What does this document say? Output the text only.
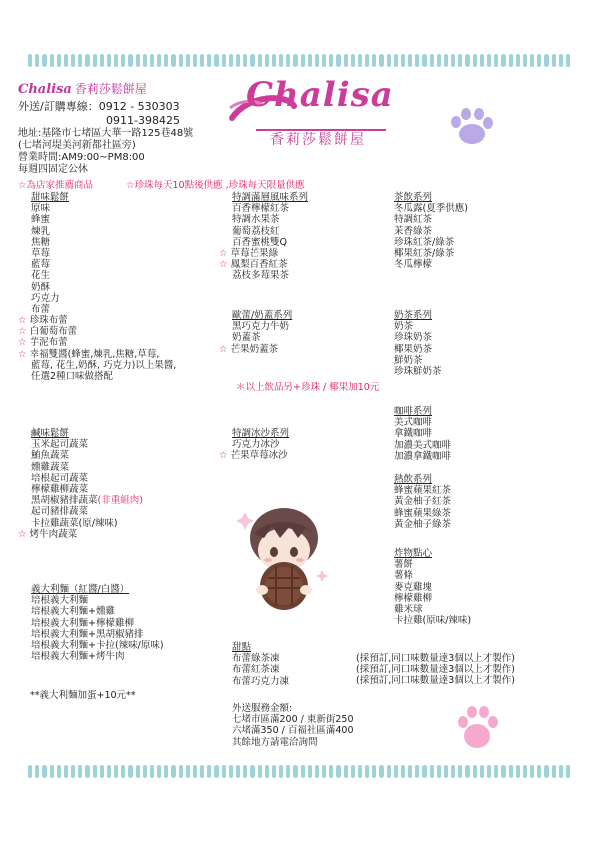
Chalisa 香莉莎鬆餅屋
外送/訂購專線：0912 - 530303
0911-398425
地址:基隆市七堵區大華一路125巷48號
(七堵河堤美河新都社區旁)
營業時間:AM9:00~PM8:00
每週四固定公休
☆為店家推薦商品	☆珍珠每天10點後供應 ,珍珠每天限量供應
Chalisa
香莉莎鬆餅屋
甜味鬆餅
原味
蜂蜜
煉乳
焦糖
草莓
藍莓
花生
奶酥
巧克力
布蕾
☆ 珍珠布蕾
☆ 白葡萄布蕾
☆ 芋泥布蕾
☆ 幸福雙醬(蜂蜜,煉乳,焦糖,草莓,
藍莓, 花生,奶酥, 巧克力)以上果醬,
任選2種口味做搭配
特調滿層風味系列
百香檸檬紅茶
特調水果茶
葡萄荔枝紅
百香蜜桃雙Q
☆ 草莓芒果綠
☆ 鳳梨百香紅茶
荔枝多莓果茶
茶飲系列
冬瓜露(夏季供應)
特調紅茶
茉香綠茶
珍珠紅茶/綠茶
椰果紅茶/綠茶
冬瓜檸檬
歐蕾/奶蓋系列
黑巧克力牛奶
奶蓋茶
☆ 芒果奶蓋茶
＊以上飲品另+珍珠 / 椰果加10元
奶茶系列
奶茶
珍珠奶茶
椰果奶茶
鮮奶茶
珍珠鮮奶茶
咖啡系列
美式咖啡
拿鐵咖啡
加濃美式咖啡
加濃拿鐵咖啡
鹹味鬆餅
玉米起司蔬菜
鮪魚蔬菜
燻雞蔬菜
培根起司蔬菜
檸檬雞柳蔬菜
黑胡椒豬排蔬菜(非重組肉)
起司豬排蔬菜
卡拉雞蔬菜(原/辣味)
☆ 烤牛肉蔬菜
特調冰沙系列
巧克力冰沙
☆ 芒果草莓冰沙
熱飲系列
蜂蜜蘋果紅茶
黃金柚子紅茶
蜂蜜蘋果綠茶
黃金柚子綠茶
炸物點心
薯餅
薯條
麥克雞塊
檸檬雞柳
雞米球
卡拉雞(原味/辣味)
義大利麵（紅醬/白醬）
培根義大利麵
培根義大利麵+燻雞
培根義大利麵+檸檬雞柳
培根義大利麵+黑胡椒豬排
培根義大利麵+卡拉(辣味/原味)
培根義大利麵+烤牛肉
**義大利麵加蛋+10元**
甜點
布蕾綠茶凍
布蕾紅茶凍
布蕾巧克力凍
(採預訂,同口味數量達3個以上才製作)
(採預訂,同口味數量達3個以上才製作)
(採預訂,同口味數量達3個以上才製作)
外送服務金額:
七堵市區滿200 / 東新街250
六堵滿350 / 百福社區滿400
其餘地方請電洽詢問
